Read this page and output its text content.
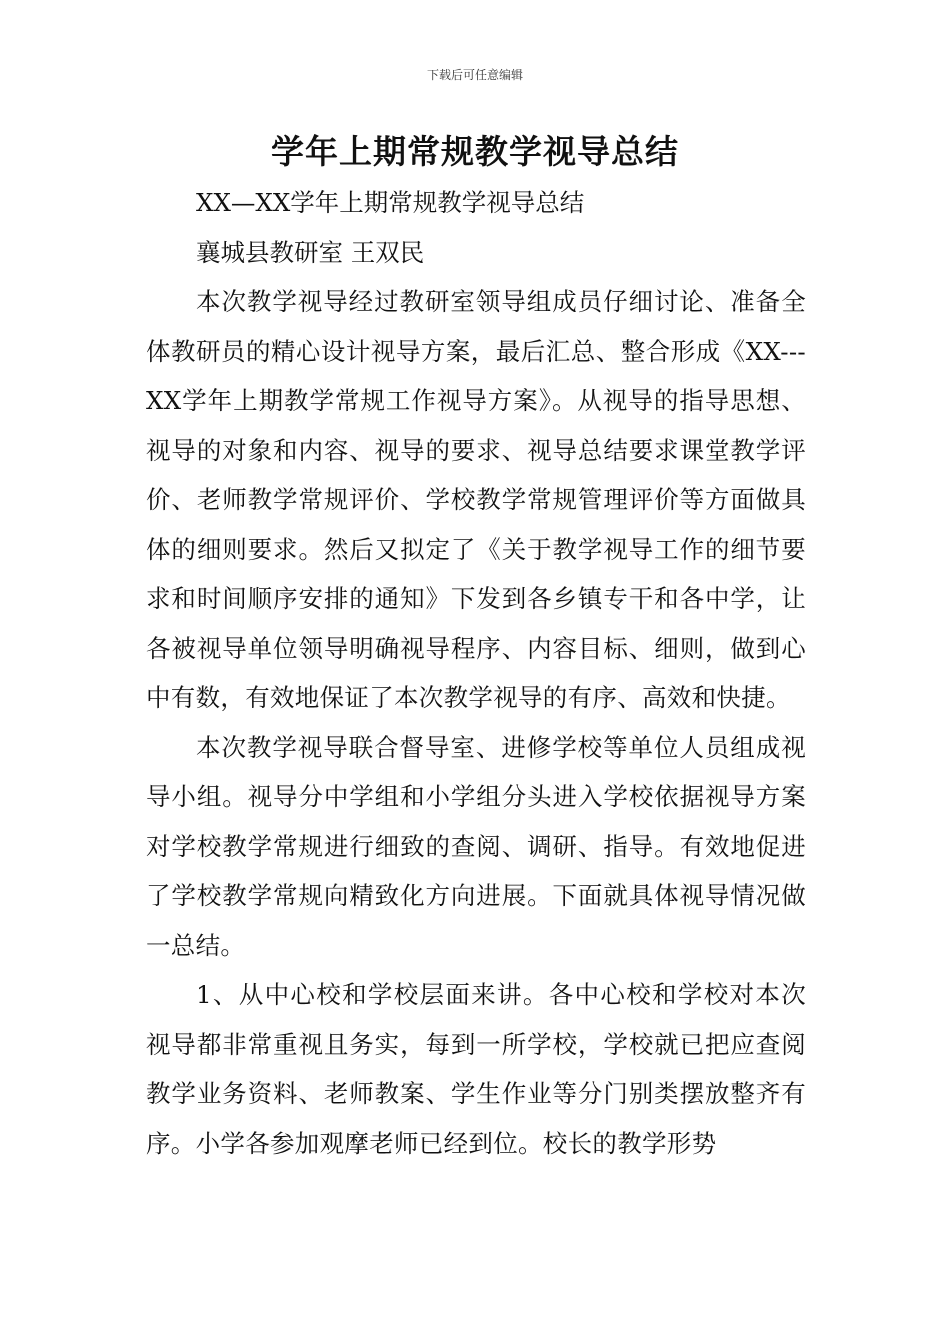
下载后可任意编辑
学年上期常规教学视导总结

XX—XX学年上期常规教学视导总结

襄城县教研室 王双民

本次教学视导经过教研室领导组成员仔细讨论、准备全体教研员的精心设计视导方案，最后汇总、整合形成《XX---XX学年上期教学常规工作视导方案》。从视导的指导思想、视导的对象和内容、视导的要求、视导总结要求课堂教学评价、老师教学常规评价、学校教学常规管理评价等方面做具体的细则要求。然后又拟定了《关于教学视导工作的细节要求和时间顺序安排的通知》下发到各乡镇专干和各中学，让各被视导单位领导明确视导程序、内容目标、细则，做到心中有数，有效地保证了本次教学视导的有序、高效和快捷。

本次教学视导联合督导室、进修学校等单位人员组成视导小组。视导分中学组和小学组分头进入学校依据视导方案对学校教学常规进行细致的查阅、调研、指导。有效地促进了学校教学常规向精致化方向进展。下面就具体视导情况做一总结。

1、从中心校和学校层面来讲。各中心校和学校对本次视导都非常重视且务实，每到一所学校，学校就已把应查阅教学业务资料、老师教案、学生作业等分门别类摆放整齐有序。小学各参加观摩老师已经到位。校长的教学形势
